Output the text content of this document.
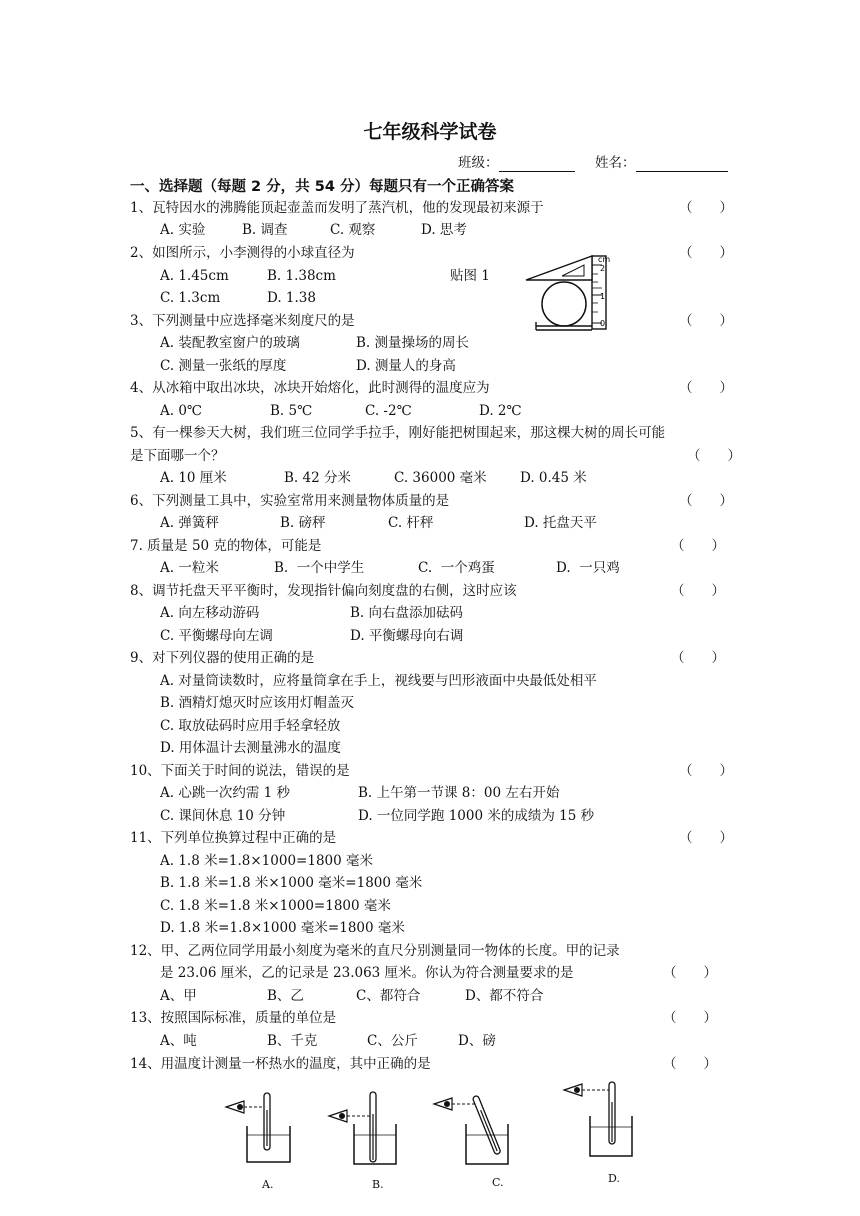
七年级科学试卷
班级：	姓名：
一、选择题（每题 2 分，共 54 分）每题只有一个正确答案
1、瓦特因水的沸腾能顶起壶盖而发明了蒸汽机，他的发现最初来源于	（　　）
A. 实验	B. 调查	C. 观察	D. 思考
2、如图所示，小李测得的小球直径为	（　　）
A. 1.45cm	B. 1.38cm	贴图 1
C. 1.3cm	D. 1.38
cm
2
1
0
3、下列测量中应选择毫米刻度尺的是	（　　）
A. 装配教室窗户的玻璃	B. 测量操场的周长
C. 测量一张纸的厚度	D. 测量人的身高
4、从冰箱中取出冰块，冰块开始熔化，此时测得的温度应为	（　　）
A. 0℃	B. 5℃	C. -2℃	D. 2℃
5、有一棵参天大树，我们班三位同学手拉手，刚好能把树围起来，那这棵大树的周长可能
是下面哪一个？	（　　）
A. 10 厘米	B. 42 分米	C. 36000 毫米 D. 0.45 米
6、下列测量工具中，实验室常用来测量物体质量的是	（　　）
A. 弹簧秤	B. 磅秤	C. 杆秤	D. 托盘天平
7. 质量是 50 克的物体，可能是	（　　）
A. 一粒米	B.  一个中学生	C.  一个鸡蛋	D.  一只鸡
8、调节托盘天平平衡时，发现指针偏向刻度盘的右侧，这时应该	（　　）
A. 向左移动游码	B. 向右盘添加砝码
C. 平衡螺母向左调	D. 平衡螺母向右调
9、对下列仪器的使用正确的是	（　　）
A. 对量筒读数时，应将量筒拿在手上，视线要与凹形液面中央最低处相平
B. 酒精灯熄灭时应该用灯帽盖灭
C. 取放砝码时应用手轻拿轻放
D. 用体温计去测量沸水的温度
10、下面关于时间的说法，错误的是	（　　）
A. 心跳一次约需 1 秒	B. 上午第一节课 8：00 左右开始
C. 课间休息 10 分钟	D. 一位同学跑 1000 米的成绩为 15 秒
11、下列单位换算过程中正确的是	（　　）
A. 1.8 米=1.8×1000=1800 毫米
B. 1.8 米=1.8 米×1000 毫米=1800 毫米
C. 1.8 米=1.8 米×1000=1800 毫米
D. 1.8 米=1.8×1000 毫米=1800 毫米
12、甲、乙两位同学用最小刻度为毫米的直尺分别测量同一物体的长度。甲的记录
是 23.06 厘米，乙的记录是 23.063 厘米。你认为符合测量要求的是	（　　）
A、甲	B、乙	C、都符合	D、都不符合
13、按照国际标准，质量的单位是	（　　）
A、吨	B、千克	C、公斤	D、磅
14、用温度计测量一杯热水的温度，其中正确的是	（　　）
A.	B.	C.	D.
